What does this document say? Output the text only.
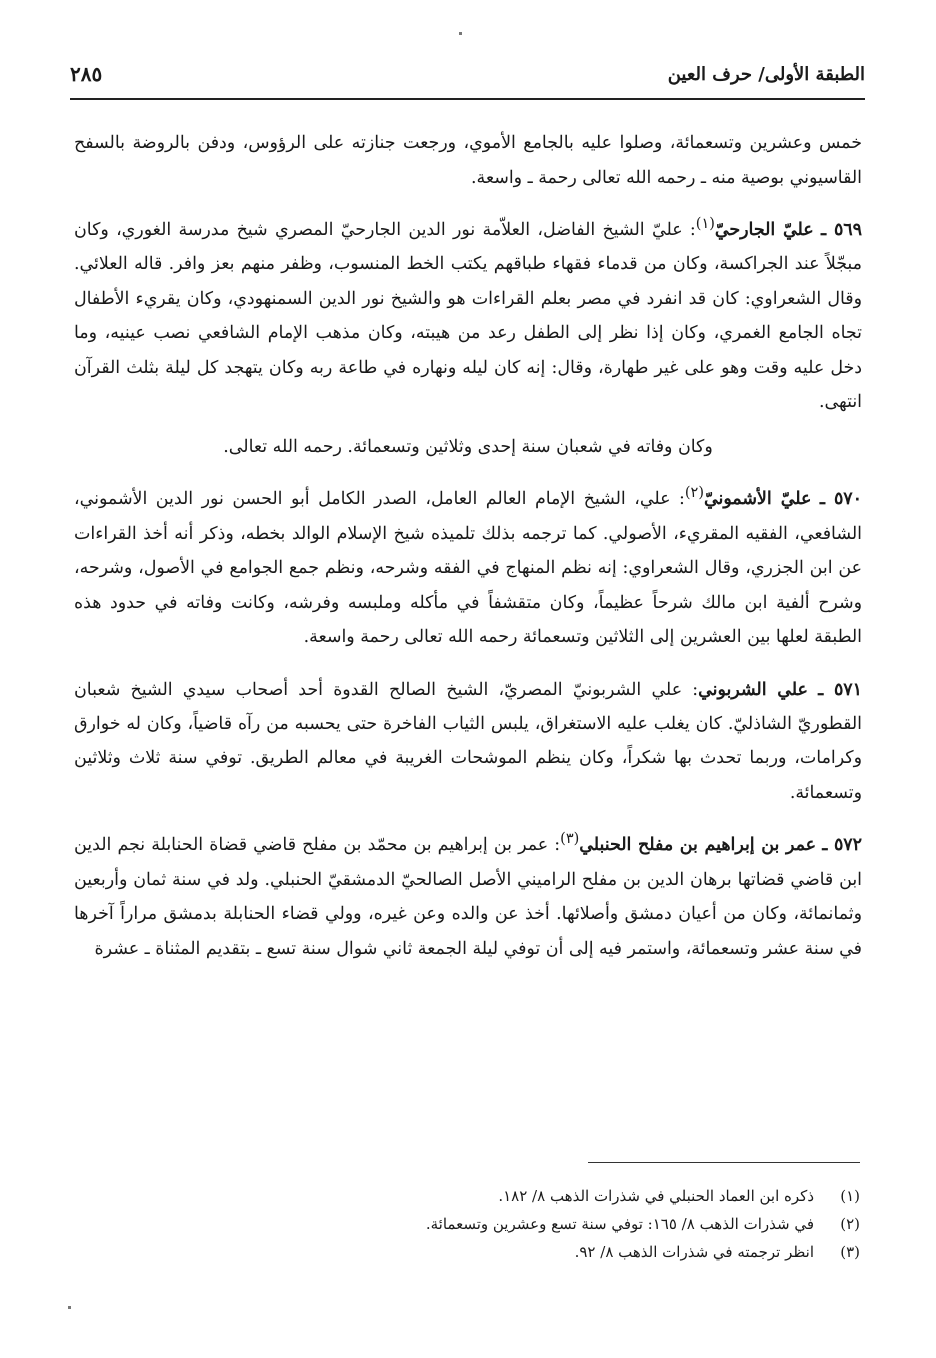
٢٨٥	الطبقة الأولى/ حرف العين

خمس وعشرين وتسعمائة، وصلوا عليه بالجامع الأموي، ورجعت جنازته على الرؤوس، ودفن بالروضة بالسفح القاسيوني بوصية منه ـ رحمه الله تعالى رحمة ـ واسعة.

٥٦٩ ـ عليّ الجارحيّ$^{(١)}$: عليّ الشيخ الفاضل، العلاّمة نور الدين الجارحيّ المصري شيخ مدرسة الغوري، وكان مبجّلاً عند الجراكسة، وكان من قدماء فقهاء طباقهم يكتب الخط المنسوب، وظفر منهم بعز وافر. قاله العلائي. وقال الشعراوي: كان قد انفرد في مصر بعلم القراءات هو والشيخ نور الدين السمنهودي، وكان يقريء الأطفال تجاه الجامع الغمري، وكان إذا نظر إلى الطفل رعد من هيبته، وكان مذهب الإمام الشافعي نصب عينيه، وما دخل عليه وقت وهو على غير طهارة، وقال: إنه كان ليله ونهاره في طاعة ربه وكان يتهجد كل ليلة بثلث القرآن انتهى.

وكان وفاته في شعبان سنة إحدى وثلاثين وتسعمائة. رحمه الله تعالى.

٥٧٠ ـ عليّ الأشمونيّ$^{(٢)}$: علي، الشيخ الإمام العالم العامل، الصدر الكامل أبو الحسن نور الدين الأشموني، الشافعي، الفقيه المقريء، الأصولي. كما ترجمه بذلك تلميذه شيخ الإسلام الوالد بخطه، وذكر أنه أخذ القراءات عن ابن الجزري، وقال الشعراوي: إنه نظم المنهاج في الفقه وشرحه، ونظم جمع الجوامع في الأصول، وشرحه، وشرح ألفية ابن مالك شرحاً عظيماً، وكان متقشفاً في مأكله وملبسه وفرشه، وكانت وفاته في حدود هذه الطبقة لعلها بين العشرين إلى الثلاثين وتسعمائة رحمه الله تعالى رحمة واسعة.

٥٧١ ـ علي الشربوني: علي الشربونيّ المصريّ، الشيخ الصالح القدوة أحد أصحاب سيدي الشيخ شعبان القطوريّ الشاذليّ. كان يغلب عليه الاستغراق، يلبس الثياب الفاخرة حتى يحسبه من رآه قاضياً، وكان له خوارق وكرامات، وربما تحدث بها شكراً، وكان ينظم الموشحات الغريبة في معالم الطريق. توفي سنة ثلاث وثلاثين وتسعمائة.

٥٧٢ ـ عمر بن إبراهيم بن مفلح الحنبلي$^{(٣)}$: عمر بن إبراهيم بن محمّد بن مفلح قاضي قضاة الحنابلة نجم الدين ابن قاضي قضاتها برهان الدين بن مفلح الراميني الأصل الصالحيّ الدمشقيّ الحنبلي. ولد في سنة ثمان وأربعين وثمانمائة، وكان من أعيان دمشق وأصلائها. أخذ عن والده وعن غيره، وولي قضاء الحنابلة بدمشق مراراً آخرها في سنة عشر وتسعمائة، واستمر فيه إلى أن توفي ليلة الجمعة ثاني شوال سنة تسع ـ بتقديم المثناة ـ عشرة

(١)ذكره ابن العماد الحنبلي في شذرات الذهب ٨/ ١٨٢.

(٢)في شذرات الذهب ٨/ ١٦٥: توفي سنة تسع وعشرين وتسعمائة.

(٣)انظر ترجمته في شذرات الذهب ٨/ ٩٢.
